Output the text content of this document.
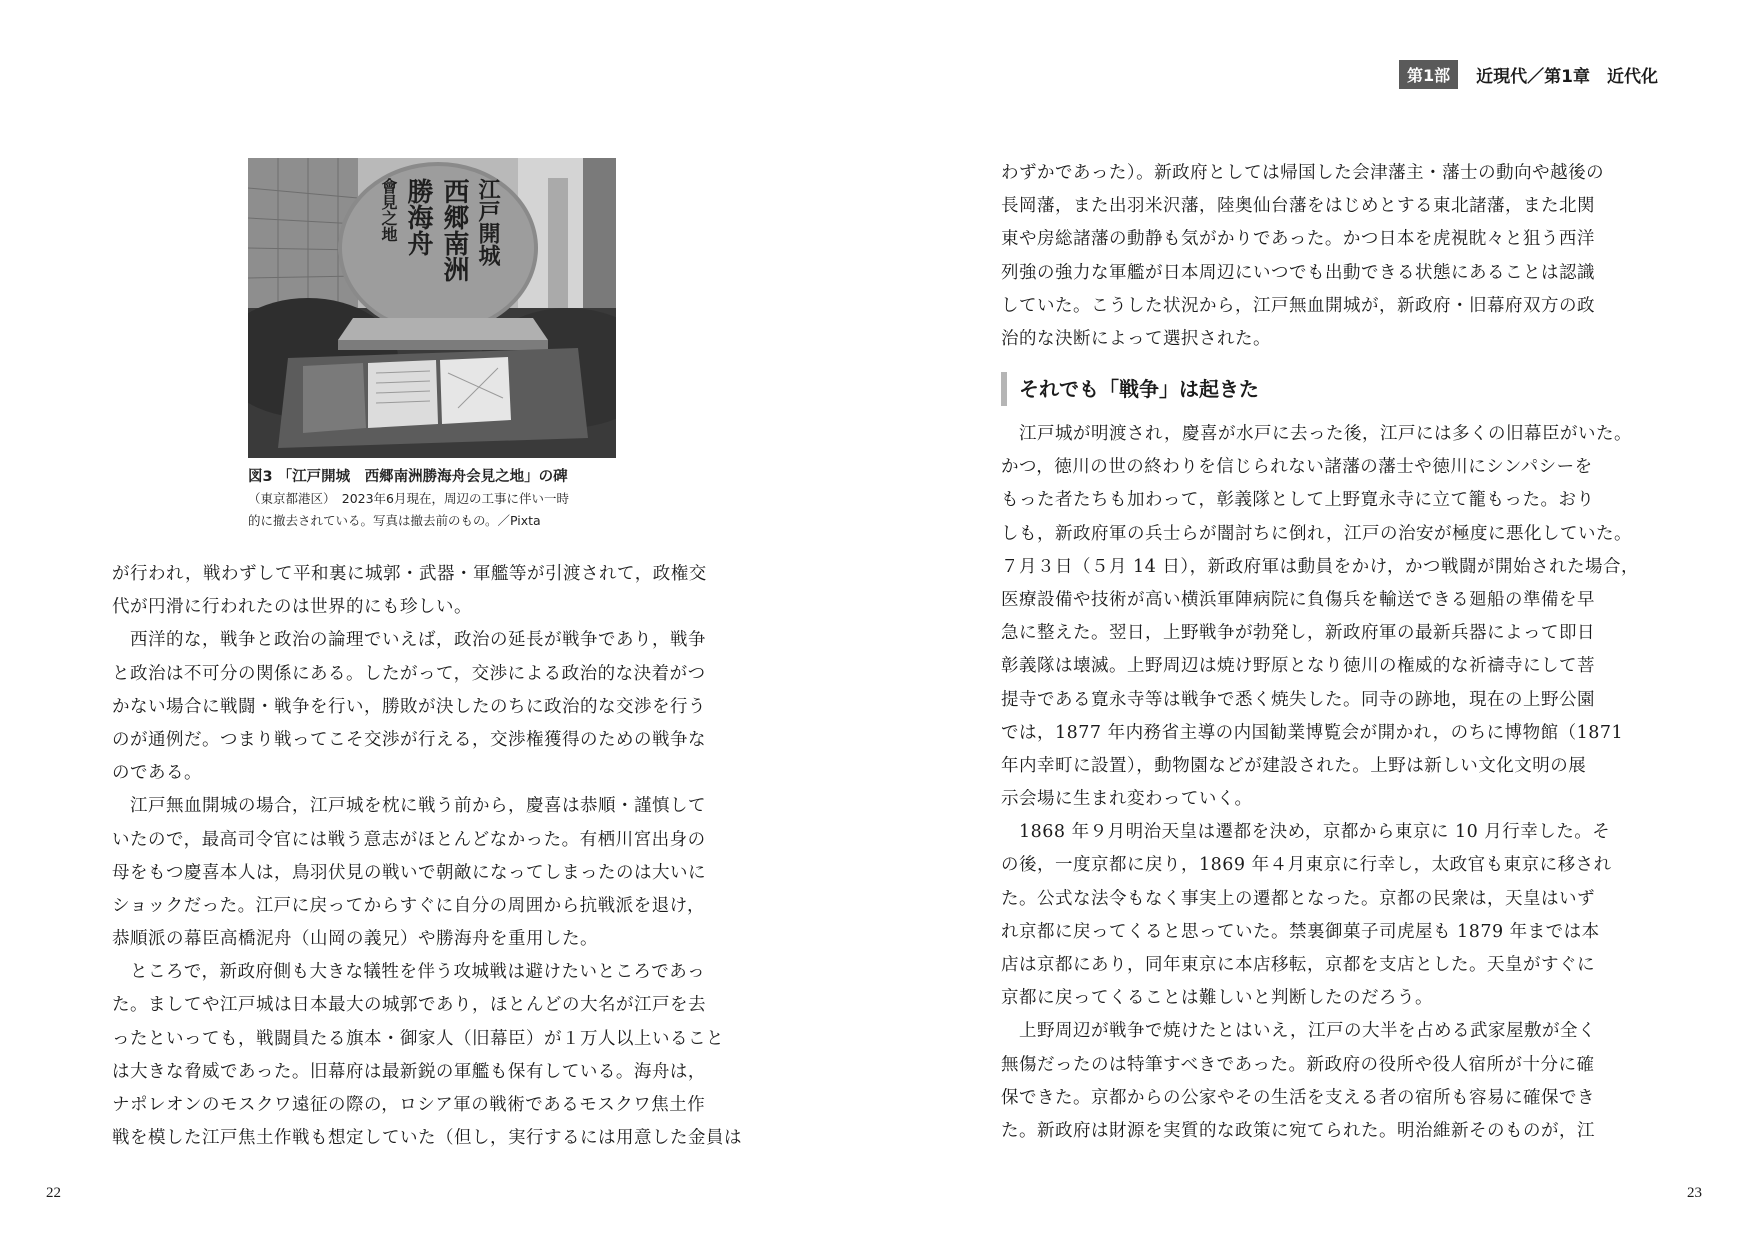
江戸開城
西郷南洲
勝海舟
會見之地
図3 「江戸開城　西郷南洲勝海舟会見之地」の碑
（東京都港区）　2023年6月現在，周辺の工事に伴い一時
的に撤去されている。写真は撤去前のもの。／Pixta
が行われ，戦わずして平和裏に城郭・武器・軍艦等が引渡されて，政権交
代が円滑に行われたのは世界的にも珍しい。
　西洋的な，戦争と政治の論理でいえば，政治の延長が戦争であり，戦争
と政治は不可分の関係にある。したがって，交渉による政治的な決着がつ
かない場合に戦闘・戦争を行い，勝敗が決したのちに政治的な交渉を行う
のが通例だ。つまり戦ってこそ交渉が行える，交渉権獲得のための戦争な
のである。
　江戸無血開城の場合，江戸城を枕に戦う前から，慶喜は恭順・謹慎して
いたので，最高司令官には戦う意志がほとんどなかった。有栖川宮出身の
母をもつ慶喜本人は，鳥羽伏見の戦いで朝敵になってしまったのは大いに
ショックだった。江戸に戻ってからすぐに自分の周囲から抗戦派を退け，
恭順派の幕臣高橋泥舟（山岡の義兄）や勝海舟を重用した。
　ところで，新政府側も大きな犠牲を伴う攻城戦は避けたいところであっ
た。ましてや江戸城は日本最大の城郭であり，ほとんどの大名が江戸を去
ったといっても，戦闘員たる旗本・御家人（旧幕臣）が１万人以上いること
は大きな脅威であった。旧幕府は最新鋭の軍艦も保有している。海舟は，
ナポレオンのモスクワ遠征の際の，ロシア軍の戦術であるモスクワ焦土作
戦を模した江戸焦土作戦も想定していた（但し，実行するには用意した金員は
22
第1部	近現代／第1章　近代化
わずかであった）。新政府としては帰国した会津藩主・藩士の動向や越後の
長岡藩，また出羽米沢藩，陸奥仙台藩をはじめとする東北諸藩，また北関
東や房総諸藩の動静も気がかりであった。かつ日本を虎視眈々と狙う西洋
列強の強力な軍艦が日本周辺にいつでも出動できる状態にあることは認識
していた。こうした状況から，江戸無血開城が，新政府・旧幕府双方の政
治的な決断によって選択された。
それでも「戦争」は起きた
　江戸城が明渡され，慶喜が水戸に去った後，江戸には多くの旧幕臣がいた。
かつ，徳川の世の終わりを信じられない諸藩の藩士や徳川にシンパシーを
もった者たちも加わって，彰義隊として上野寛永寺に立て籠もった。おり
しも，新政府軍の兵士らが闇討ちに倒れ，江戸の治安が極度に悪化していた。
７月３日（５月 14 日），新政府軍は動員をかけ，かつ戦闘が開始された場合，
医療設備や技術が高い横浜軍陣病院に負傷兵を輸送できる廻船の準備を早
急に整えた。翌日，上野戦争が勃発し，新政府軍の最新兵器によって即日
彰義隊は壊滅。上野周辺は焼け野原となり徳川の権威的な祈禱寺にして菩
提寺である寛永寺等は戦争で悉く焼失した。同寺の跡地，現在の上野公園
では，1877 年内務省主導の内国勧業博覧会が開かれ，のちに博物館（1871
年内幸町に設置），動物園などが建設された。上野は新しい文化文明の展
示会場に生まれ変わっていく。
　1868 年９月明治天皇は遷都を決め，京都から東京に 10 月行幸した。そ
の後，一度京都に戻り，1869 年４月東京に行幸し，太政官も東京に移され
た。公式な法令もなく事実上の遷都となった。京都の民衆は，天皇はいず
れ京都に戻ってくると思っていた。禁裏御菓子司虎屋も 1879 年までは本
店は京都にあり，同年東京に本店移転，京都を支店とした。天皇がすぐに
京都に戻ってくることは難しいと判断したのだろう。
　上野周辺が戦争で焼けたとはいえ，江戸の大半を占める武家屋敷が全く
無傷だったのは特筆すべきであった。新政府の役所や役人宿所が十分に確
保できた。京都からの公家やその生活を支える者の宿所も容易に確保でき
た。新政府は財源を実質的な政策に宛てられた。明治維新そのものが，江
23
